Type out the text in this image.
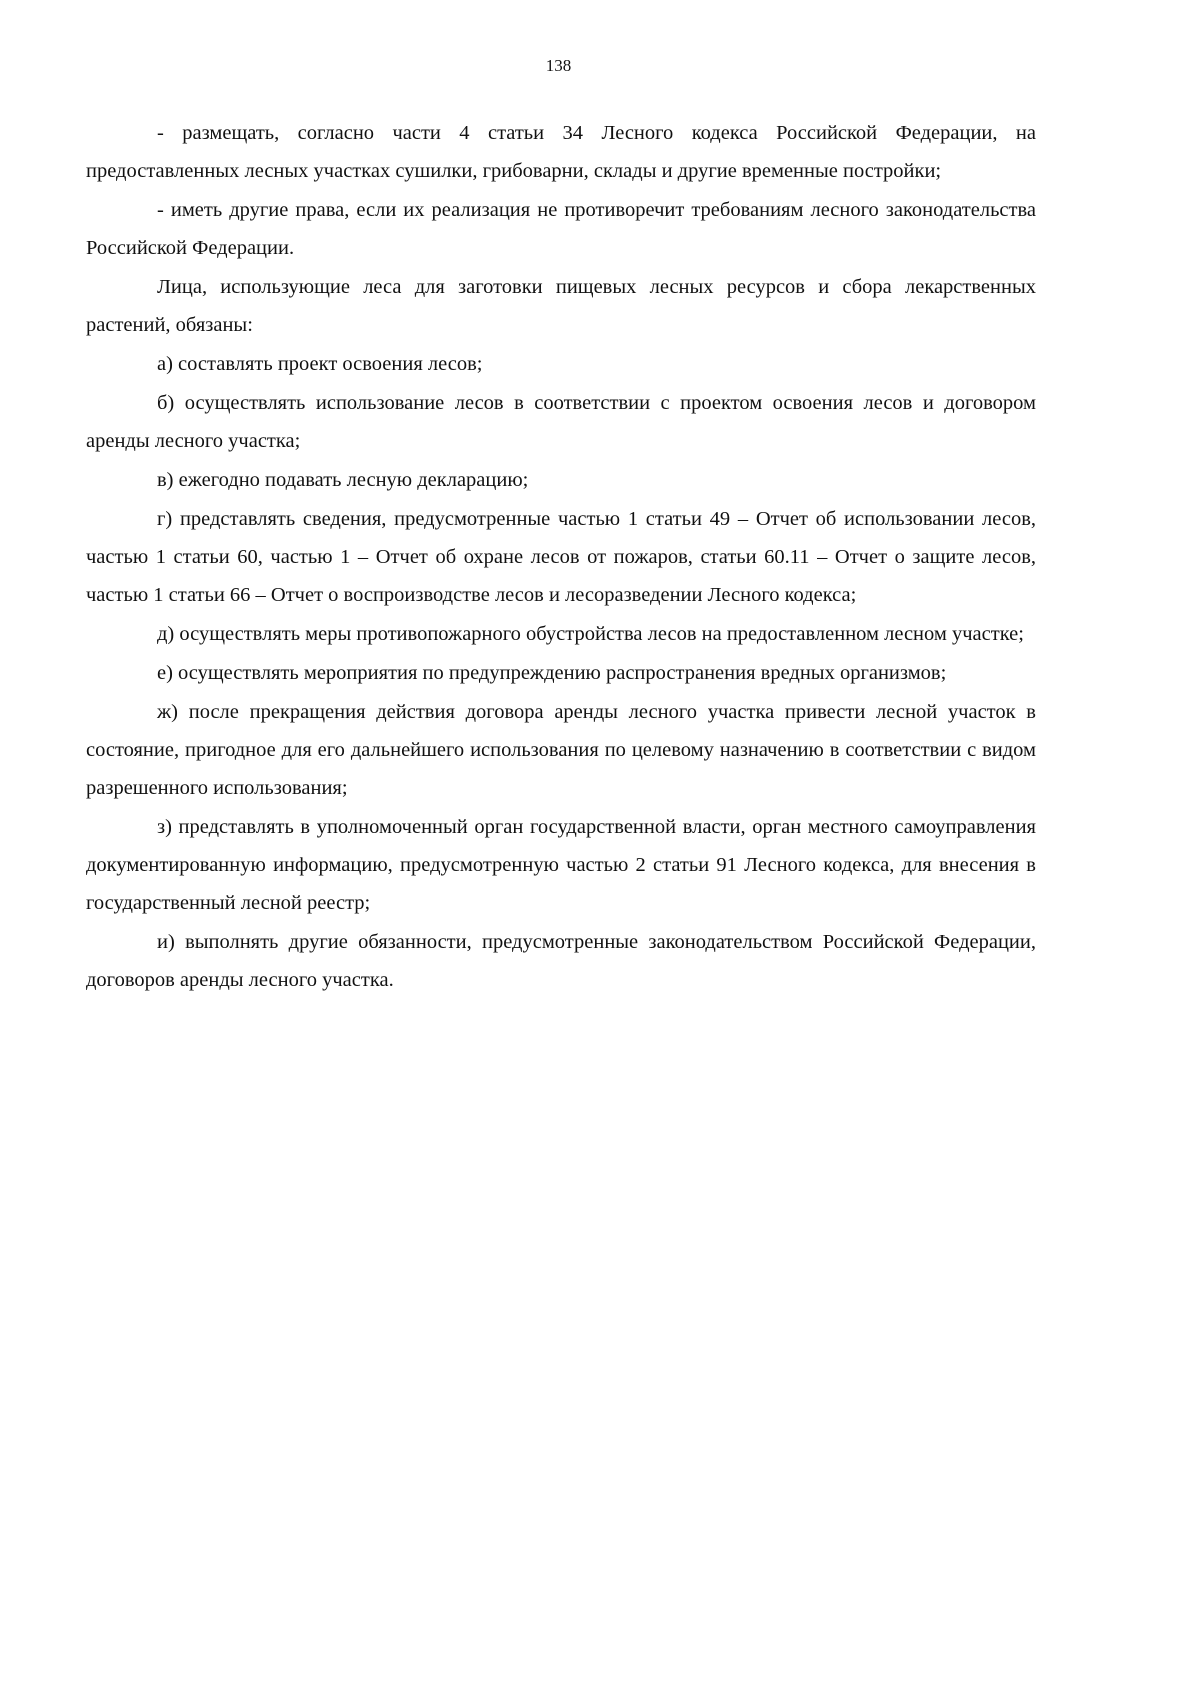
138

- размещать, согласно части 4 статьи 34 Лесного кодекса Российской Федерации, на предоставленных лесных участках сушилки, грибоварни, склады и другие временные постройки;

- иметь другие права, если их реализация не противоречит требованиям лесного законодательства Российской Федерации.

Лица, использующие леса для заготовки пищевых лесных ресурсов и сбора лекарственных растений, обязаны:

а) составлять проект освоения лесов;

б) осуществлять использование лесов в соответствии с проектом освоения лесов и договором аренды лесного участка;

в) ежегодно подавать лесную декларацию;

г) представлять сведения, предусмотренные частью 1 статьи 49 – Отчет об использовании лесов, частью 1 статьи 60, частью 1 – Отчет об охране лесов от пожаров, статьи 60.11 – Отчет о защите лесов, частью 1 статьи 66 – Отчет о воспроизводстве лесов и лесоразведении Лесного кодекса;

д) осуществлять меры противопожарного обустройства лесов на предоставленном лесном участке;

е) осуществлять мероприятия по предупреждению распространения вредных организмов;

ж) после прекращения действия договора аренды лесного участка привести лесной участок в состояние, пригодное для его дальнейшего использования по целевому назначению в соответствии с видом разрешенного использования;

з) представлять в уполномоченный орган государственной власти, орган местного самоуправления документированную информацию, предусмотренную частью 2 статьи 91 Лесного кодекса, для внесения в государственный лесной реестр;

и) выполнять другие обязанности, предусмотренные законодательством Российской Федерации, договоров аренды лесного участка.
